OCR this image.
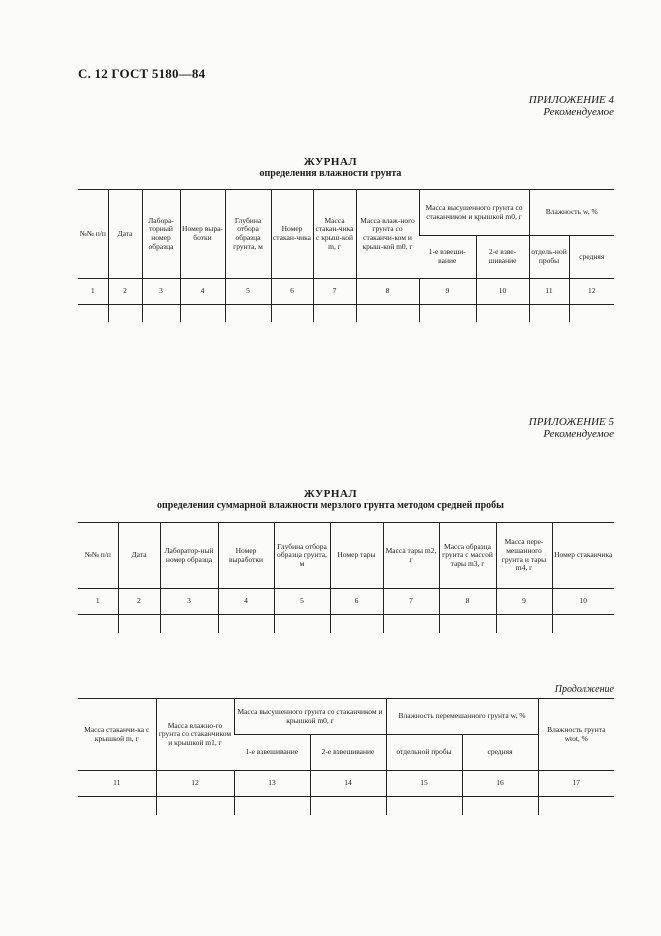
С. 12 ГОСТ 5180—84
ПРИЛОЖЕНИЕ 4
Рекомендуемое
ЖУРНАЛ
определения влажности грунта
№№ п/п	Дата	Лабора-торный номер образца	Номер выра-ботки	Глубина отбора образца грунта, м	Номер стакан-чика	Масса стакан-чика с крыш-кой m, г	Масса влаж-ного грунта со стаканчи-ком и крыш-кой m0, г	Масса высушенного грунта со стаканчиком и крышкой m0, г		Влажность w, %	
								1-е взвеши-вание	2-е взве-шивание	отдель-ной пробы	средняя
1	2	3	4	5	6	7	8	9	10	11	12

ПРИЛОЖЕНИЕ 5
Рекомендуемое
ЖУРНАЛ
определения суммарной влажности мерзлого грунта методом средней пробы
№№ п/п	Дата	Лаборатор-ный номер образца	Номер выработки	Глубина отбора образца грунта, м	Номер тары	Масса тары m2, г	Масса образца грунта с массой тары m3, г	Масса пере-мешанного грунта и тары m4, г	Номер стаканчика
1	2	3	4	5	6	7	8	9	10

Продолжение
Масса стаканчи-ка с крышкой m, г	Масса влажно-го грунта со стаканчиком и крышкой m1, г	Масса высушенного грунта со стаканчиком и крышкой m0, г		Влажность перемешанного грунта w, %		Влажность грунта wtot, %
		1-е взвешивание	2-е взвешивание	отдельной пробы	средняя	
11	12	13	14	15	16	17
